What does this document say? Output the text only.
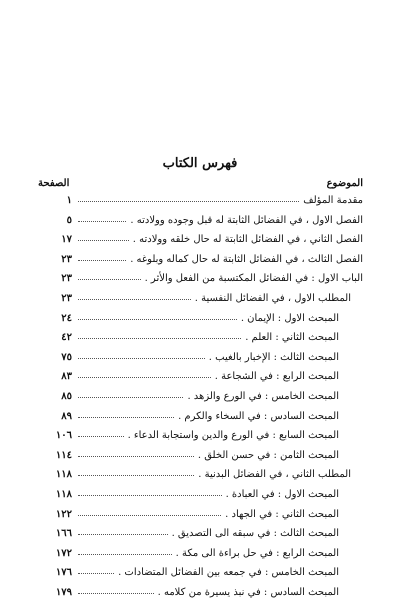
فهرس الكتاب
الموضوع
الصفحة
مقدمة المؤلف
١
الفصل الاول ، في الفضائل الثابتة له قبل وجوده وولادته .
٥
الفصل الثاني ، في الفضائل الثابتة له حال خلقه وولادته .
١٧
الفصل الثالث ، في الفضائل الثابتة له حال كماله وبلوغه .
٢٣
الباب الاول : في الفضائل المكتسبة من الفعل والأثر .
٢٣
المطلب الاول ، في الفضائل النفسية .
٢٣
المبحث الاول : الإيمان .
٢٤
المبحث الثاني : العلم .
٤٢
المبحث الثالث : الإخبار بالغيب .
٧٥
المبحث الرابع : في الشجاعة .
٨٣
المبحث الخامس : في الورع والزهد .
٨٥
المبحث السادس : في السخاء والكرم .
٨٩
المبحث السابع : في الورع والدين واستجابة الدعاء .
١٠٦
المبحث الثامن : في حسن الخلق .
١١٤
المطلب الثاني ، في الفضائل البدنية .
١١٨
المبحث الاول : في العبادة .
١١٨
المبحث الثاني : في الجهاد .
١٢٢
المبحث الثالث : في سبقه الى التصديق .
١٦٦
المبحث الرابع : في حل براءة الى مكة .
١٧٢
المبحث الخامس : في جمعه بين الفضائل المتضادات .
١٧٦
المبحث السادس : في نبذ يسيرة من كلامه .
١٧٩
